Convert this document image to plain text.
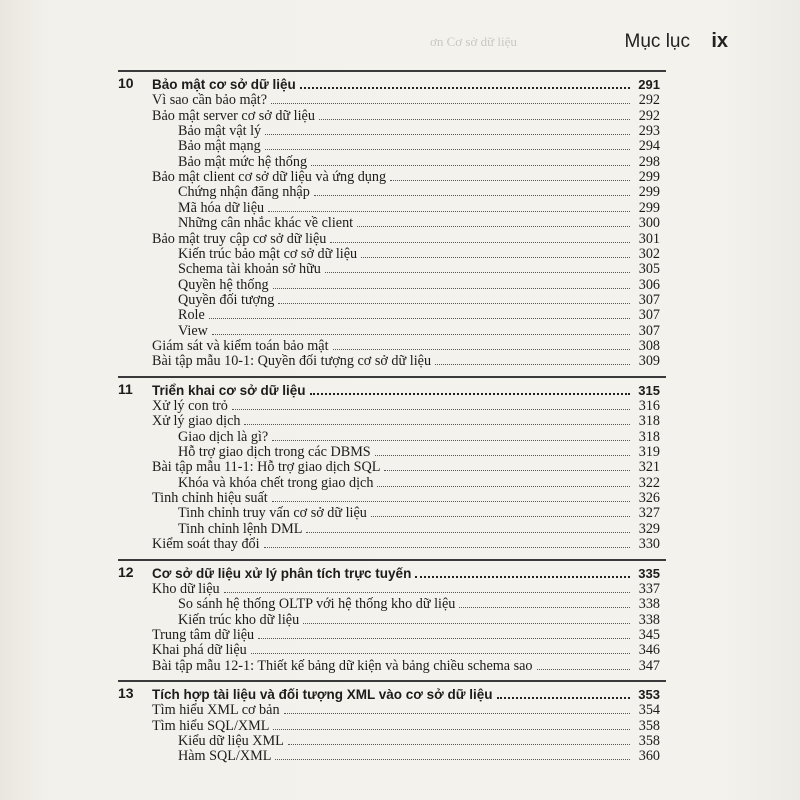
ơn Cơ sở dữ liệu	Mục lục ix
10	Bảo mật cơ sở dữ liệu	291
Vì sao cần bảo mật?	292
Bảo mật server cơ sở dữ liệu	292
Bảo mật vật lý	293
Bảo mật mạng	294
Bảo mật mức hệ thống	298
Bảo mật client cơ sở dữ liệu và ứng dụng	299
Chứng nhận đăng nhập	299
Mã hóa dữ liệu	299
Những cân nhắc khác về client	300
Bảo mật truy cập cơ sở dữ liệu	301
Kiến trúc bảo mật cơ sở dữ liệu	302
Schema tài khoản sở hữu	305
Quyền hệ thống	306
Quyền đối tượng	307
Role	307
View	307
Giám sát và kiểm toán bảo mật	308
Bài tập mẫu 10-1: Quyền đối tượng cơ sở dữ liệu	309
11	Triển khai cơ sở dữ liệu	315
Xử lý con trỏ	316
Xử lý giao dịch	318
Giao dịch là gì?	318
Hỗ trợ giao dịch trong các DBMS	319
Bài tập mẫu 11-1: Hỗ trợ giao dịch SQL	321
Khóa và khóa chết trong giao dịch	322
Tinh chỉnh hiệu suất	326
Tinh chỉnh truy vấn cơ sở dữ liệu	327
Tinh chỉnh lệnh DML	329
Kiểm soát thay đổi	330
12	Cơ sở dữ liệu xử lý phân tích trực tuyến	335
Kho dữ liệu	337
So sánh hệ thống OLTP với hệ thống kho dữ liệu	338
Kiến trúc kho dữ liệu	338
Trung tâm dữ liệu	345
Khai phá dữ liệu	346
Bài tập mẫu 12-1: Thiết kế bảng dữ kiện và bảng chiều schema sao	347
13	Tích hợp tài liệu và đối tượng XML vào cơ sở dữ liệu	353
Tìm hiểu XML cơ bản	354
Tìm hiểu SQL/XML	358
Kiểu dữ liệu XML	358
Hàm SQL/XML	360
